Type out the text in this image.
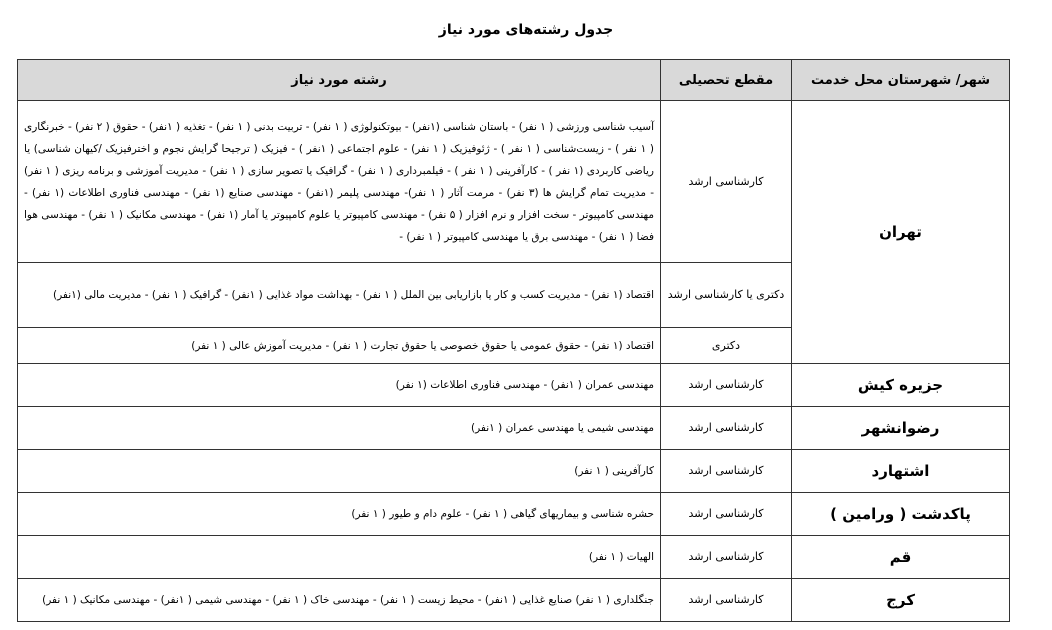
جدول رشته‌های مورد نیاز
شهر/ شهرستان محل خدمت	مقطع تحصیلی	رشته مورد نیاز
تهران	کارشناسی ارشد	آسیب شناسی ورزشی ( ۱ نفر) - باستان شناسی (۱نفر) - بیوتکنولوژی ( ۱ نفر) - تربیت بدنی ( ۱ نفر) - تغذیه ( ۱نفر) - حقوق ( ۲ نفر) - خبرنگاری ( ۱ نفر ) - زیست‌شناسی ( ۱ نفر ) - ژئوفیزیک ( ۱ نفر) - علوم اجتماعی ( ۱نفر ) - فیزیک ( ترجیحا گرایش نجوم و اخترفیزیک /کیهان شناسی) یا ریاضی کاربردی (۱ نفر ) - کارآفرینی ( ۱ نفر ) - فیلمبرداری ( ۱ نفر) - گرافیک یا تصویر سازی ( ۱ نفر) - مدیریت آموزشی و برنامه ریزی ( ۱ نفر) - مدیریت تمام گرایش ها (۳ نفر) - مرمت آثار ( ۱ نفر)- مهندسی پلیمر (۱نفر) - مهندسی صنایع (۱ نفر) - مهندسی فناوری اطلاعات (۱ نفر) - مهندسی کامپیوتر - سخت افزار و نرم افزار ( ۵ نفر) - مهندسی کامپیوتر یا علوم کامپیوتر یا آمار (۱ نفر) - مهندسی مکانیک ( ۱ نفر) - مهندسی هوا فضا ( ۱ نفر) - مهندسی برق یا مهندسی کامپیوتر ( ۱ نفر) -
	دکتری یا کارشناسی ارشد	اقتصاد (۱ نفر) - مدیریت کسب و کار یا بازاریابی بین الملل ( ۱ نفر) - بهداشت مواد غذایی ( ۱نفر) - گرافیک ( ۱ نفر) - مدیریت مالی (۱نفر)
	دکتری	اقتصاد (۱ نفر) - حقوق عمومی یا حقوق خصوصی یا حقوق تجارت ( ۱ نفر) - مدیریت آموزش عالی ( ۱ نفر)
جزیره کیش	کارشناسی ارشد	مهندسی عمران ( ۱نفر) - مهندسی فناوری اطلاعات (۱ نفر)
رضوانشهر	کارشناسی ارشد	مهندسی شیمی یا مهندسی عمران ( ۱نفر)
اشتهارد	کارشناسی ارشد	کارآفرینی ( ۱ نفر)
پاکدشت ( ورامین )	کارشناسی ارشد	حشره شناسی و بیماریهای گیاهی ( ۱ نفر) - علوم دام و طیور ( ۱ نفر)
قم	کارشناسی ارشد	الهیات ( ۱ نفر)
کرج	کارشناسی ارشد	جنگلداری ( ۱ نفر) صنایع غذایی ( ۱نفر) - محیط زیست ( ۱ نفر) - مهندسی خاک ( ۱ نفر) - مهندسی شیمی ( ۱نفر) - مهندسی مکانیک ( ۱ نفر)
